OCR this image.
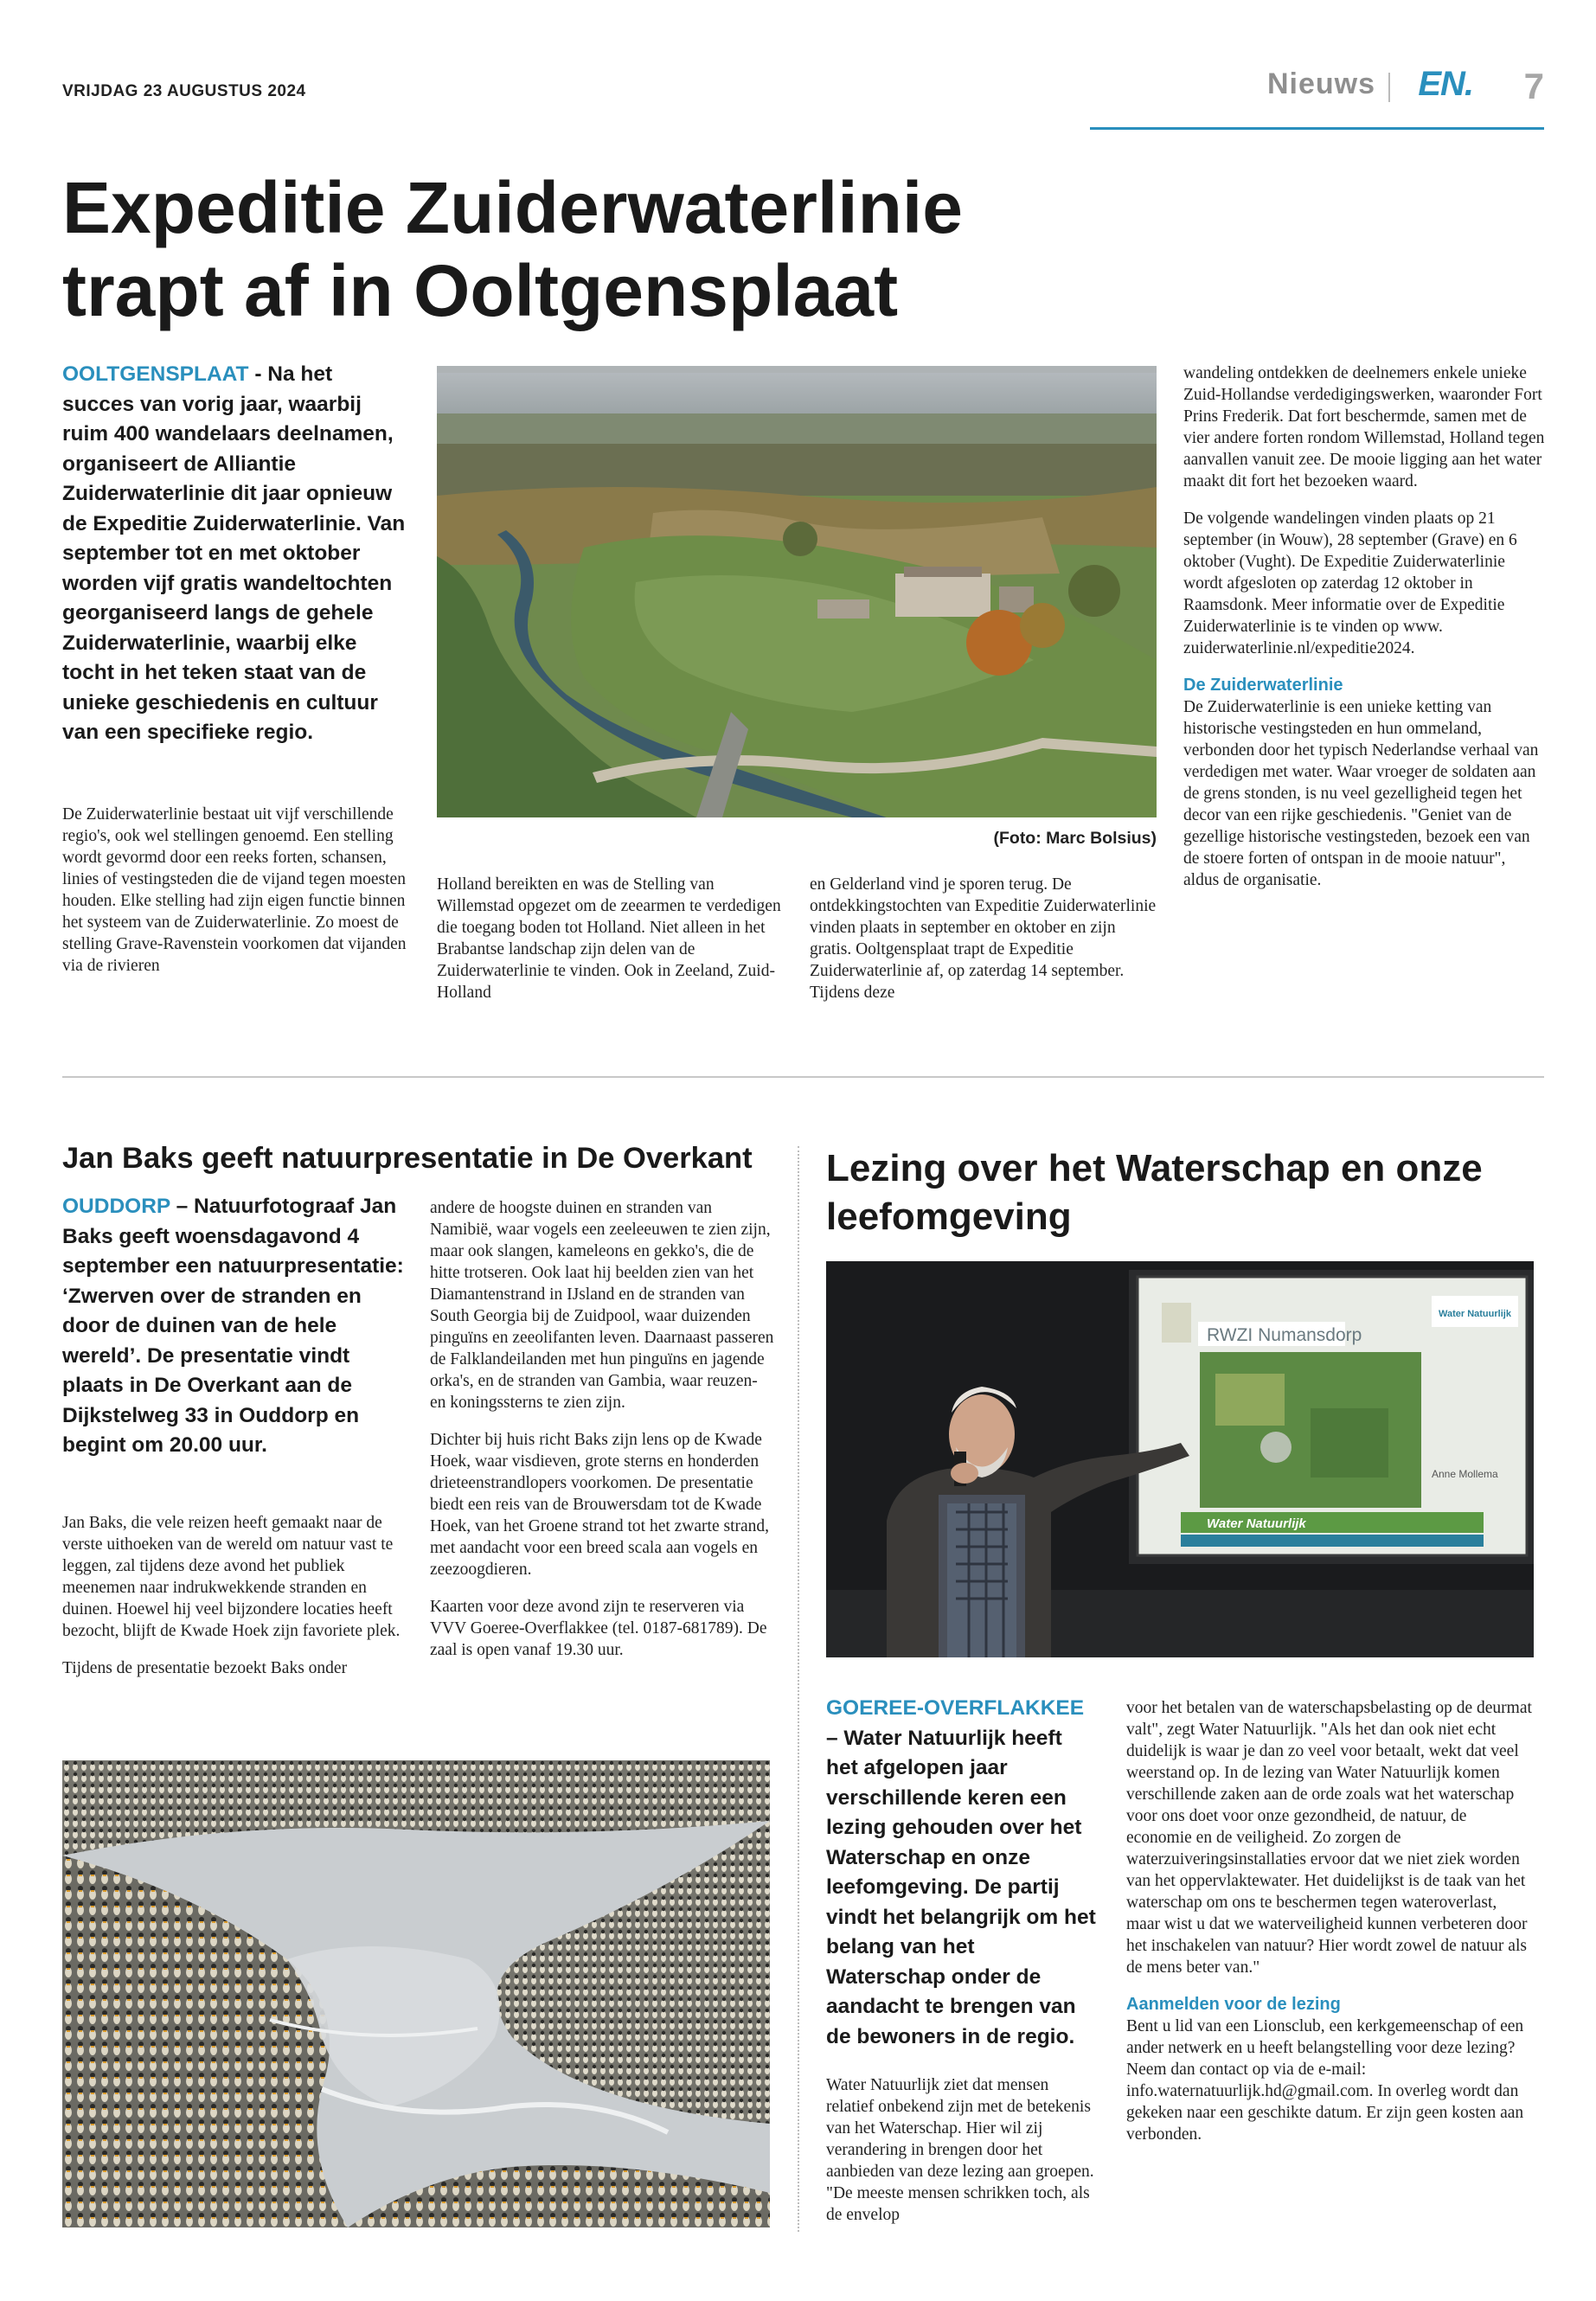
VRIJDAG 23 AUGUSTUS 2024	Nieuws EN. 7
Expeditie Zuiderwaterlinie trapt af in Ooltgensplaat
OOLTGENSPLAAT - Na het succes van vorig jaar, waarbij ruim 400 wandelaars deelnamen, organiseert de Alliantie Zuiderwaterlinie dit jaar opnieuw de Expeditie Zuiderwaterlinie. Van september tot en met oktober worden vijf gratis wandeltochten georganiseerd langs de gehele Zuiderwaterlinie, waarbij elke tocht in het teken staat van de unieke geschiedenis en cultuur van een specifieke regio.
De Zuiderwaterlinie bestaat uit vijf verschillende regio's, ook wel stellingen genoemd. Een stelling wordt gevormd door een reeks forten, schansen, linies of vestingsteden die de vijand tegen moesten houden. Elke stelling had zijn eigen functie binnen het systeem van de Zuiderwaterlinie. Zo moest de stelling Grave-Ravenstein voorkomen dat vijanden via de rivieren
(Foto: Marc Bolsius)
Holland bereikten en was de Stelling van Willemstad opgezet om de zeearmen te verdedigen die toegang boden tot Holland. Niet alleen in het Brabantse landschap zijn delen van de Zuiderwaterlinie te vinden. Ook in Zeeland, Zuid-Holland
en Gelderland vind je sporen terug. De ontdekkingstochten van Expeditie Zuiderwaterlinie vinden plaats in september en oktober en zijn gratis. Ooltgensplaat trapt de Expeditie Zuiderwaterlinie af, op zaterdag 14 september. Tijdens deze

wandeling ontdekken de deelnemers enkele unieke Zuid-Hollandse verdedigingswerken, waaronder Fort Prins Frederik. Dat fort beschermde, samen met de vier andere forten rondom Willemstad, Holland tegen aanvallen vanuit zee. De mooie ligging aan het water maakt dit fort het bezoeken waard.

De volgende wandelingen vinden plaats op 21 september (in Wouw), 28 september (Grave) en 6 oktober (Vught). De Expeditie Zuiderwaterlinie wordt afgesloten op zaterdag 12 oktober in Raamsdonk. Meer informatie over de Expeditie Zuiderwaterlinie is te vinden op www. zuiderwaterlinie.nl/expeditie2024.

De Zuiderwaterlinie

De Zuiderwaterlinie is een unieke ketting van historische vestingsteden en hun ommeland, verbonden door het typisch Nederlandse verhaal van verdedigen met water. Waar vroeger de soldaten aan de grens stonden, is nu veel gezelligheid tegen het decor van een rijke geschiedenis. "Geniet van de gezellige historische vestingsteden, bezoek een van de stoere forten of ontspan in de mooie natuur", aldus de organisatie.

Jan Baks geeft natuurpresentatie in De Overkant
OUDDORP – Natuurfotograaf Jan Baks geeft woensdagavond 4 september een natuurpresentatie: ‘Zwerven over de stranden en door de duinen van de hele wereld’. De presentatie vindt plaats in De Overkant aan de Dijkstelweg 33 in Ouddorp en begint om 20.00 uur.

Jan Baks, die vele reizen heeft gemaakt naar de verste uithoeken van de wereld om natuur vast te leggen, zal tijdens deze avond het publiek meenemen naar indrukwekkende stranden en duinen. Hoewel hij veel bijzondere locaties heeft bezocht, blijft de Kwade Hoek zijn favoriete plek.

Tijdens de presentatie bezoekt Baks onder

andere de hoogste duinen en stranden van Namibië, waar vogels een zeeleeuwen te zien zijn, maar ook slangen, kameleons en gekko's, die de hitte trotseren. Ook laat hij beelden zien van het Diamantenstrand in IJsland en de stranden van South Georgia bij de Zuidpool, waar duizenden pinguïns en zeeolifanten leven. Daarnaast passeren de Falklandeilanden met hun pinguïns en jagende orka's, en de stranden van Gambia, waar reuzen- en koningssterns te zien zijn.

Dichter bij huis richt Baks zijn lens op de Kwade Hoek, waar visdieven, grote sterns en honderden drieteenstrandlopers voorkomen. De presentatie biedt een reis van de Brouwersdam tot de Kwade Hoek, van het Groene strand tot het zwarte strand, met aandacht voor een breed scala aan vogels en zeezoogdieren.

Kaarten voor deze avond zijn te reserveren via VVV Goeree-Overflakkee (tel. 0187-681789). De zaal is open vanaf 19.30 uur.

Lezing over het Waterschap en onze leefomgeving
RWZI Numansdorp
Water Natuurlijk
Anne Mollema
Water Natuurlijk
GOEREE-OVERFLAKKEE – Water Natuurlijk heeft het afgelopen jaar verschillende keren een lezing gehouden over het Waterschap en onze leefomgeving. De partij vindt het belangrijk om het belang van het Waterschap onder de aandacht te brengen van de bewoners in de regio.
Water Natuurlijk ziet dat mensen relatief onbekend zijn met de betekenis van het Waterschap. Hier wil zij verandering in brengen door het aanbieden van deze lezing aan groepen. "De meeste mensen schrikken toch, als de envelop

voor het betalen van de waterschapsbelasting op de deurmat valt", zegt Water Natuurlijk. "Als het dan ook niet echt duidelijk is waar je dan zo veel voor betaalt, wekt dat veel weerstand op. In de lezing van Water Natuurlijk komen verschillende zaken aan de orde zoals wat het waterschap voor ons doet voor onze gezondheid, de natuur, de economie en de veiligheid. Zo zorgen de waterzuiveringsinstallaties ervoor dat we niet ziek worden van het oppervlaktewater. Het duidelijkst is de taak van het waterschap om ons te beschermen tegen wateroverlast, maar wist u dat we waterveiligheid kunnen verbeteren door het inschakelen van natuur? Hier wordt zowel de natuur als de mens beter van."

Aanmelden voor de lezing

Bent u lid van een Lionsclub, een kerkgemeenschap of een ander netwerk en u heeft belangstelling voor deze lezing? Neem dan contact op via de e-mail: info.waternatuurlijk.hd@gmail.com. In overleg wordt dan gekeken naar een geschikte datum. Er zijn geen kosten aan verbonden.
